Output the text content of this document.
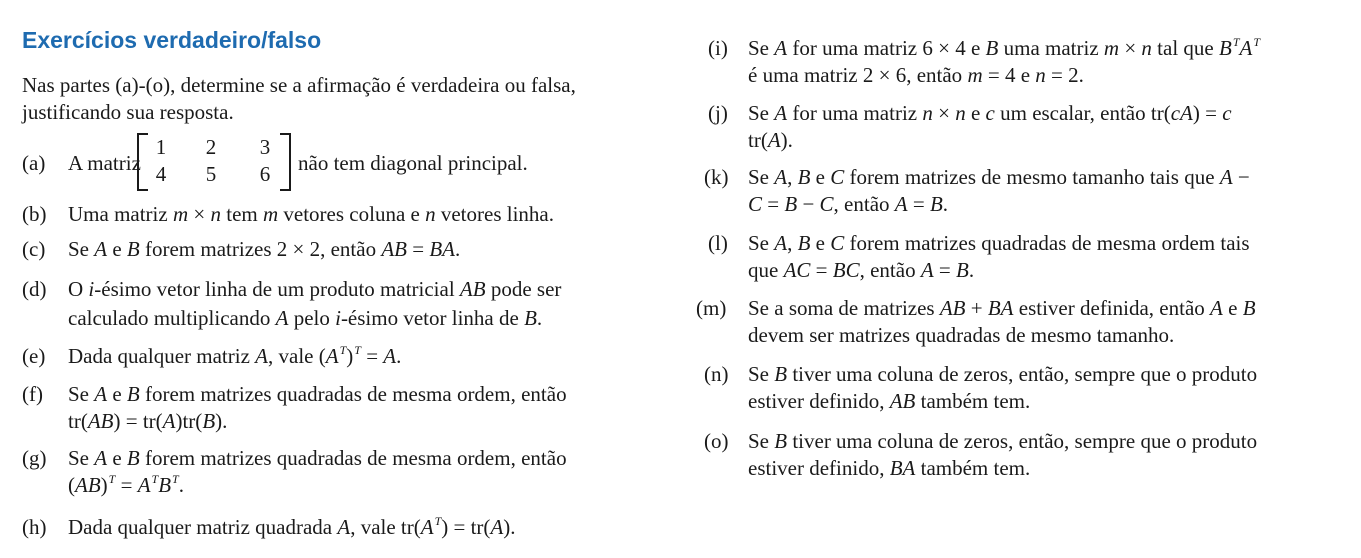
Exercícios verdadeiro/falso
Nas partes (a)-(o), determine se a afirmação é verdadeira ou falsa,
justificando sua resposta.
(a) A matriz
1 2 3
4 5 6 não tem diagonal principal.
(b) Uma matriz m × n tem m vetores coluna e n vetores linha.
(c) Se A e B forem matrizes 2 × 2, então AB = BA.
(d) O i-ésimo vetor linha de um produto matricial AB pode ser
calculado multiplicando A pelo i-ésimo vetor linha de B.
(e) Dada qualquer matriz A, vale $(A^T)^T = A$.
(f) Se A e B forem matrizes quadradas de mesma ordem, então
tr(AB) = tr(A)tr(B).
(g) Se A e B forem matrizes quadradas de mesma ordem, então
$(AB)^T = A^TB^T$.
(h) Dada qualquer matriz quadrada A, vale $tr(A^T) = tr(A)$.
(i) Se A for uma matriz 6 × 4 e B uma matriz m × n tal que $B^TA^T$
é uma matriz 2 × 6, então m = 4 e n = 2.
(j) Se A for uma matriz n × n e c um escalar, então tr(cA) = c
tr(A).
(k) Se A, B e C forem matrizes de mesmo tamanho tais que A −
C = B − C, então A = B.
(l) Se A, B e C forem matrizes quadradas de mesma ordem tais
que AC = BC, então A = B.
(m) Se a soma de matrizes AB + BA estiver definida, então A e B
devem ser matrizes quadradas de mesmo tamanho.
(n) Se B tiver uma coluna de zeros, então, sempre que o produto
estiver definido, AB também tem.
(o) Se B tiver uma coluna de zeros, então, sempre que o produto
estiver definido, BA também tem.
